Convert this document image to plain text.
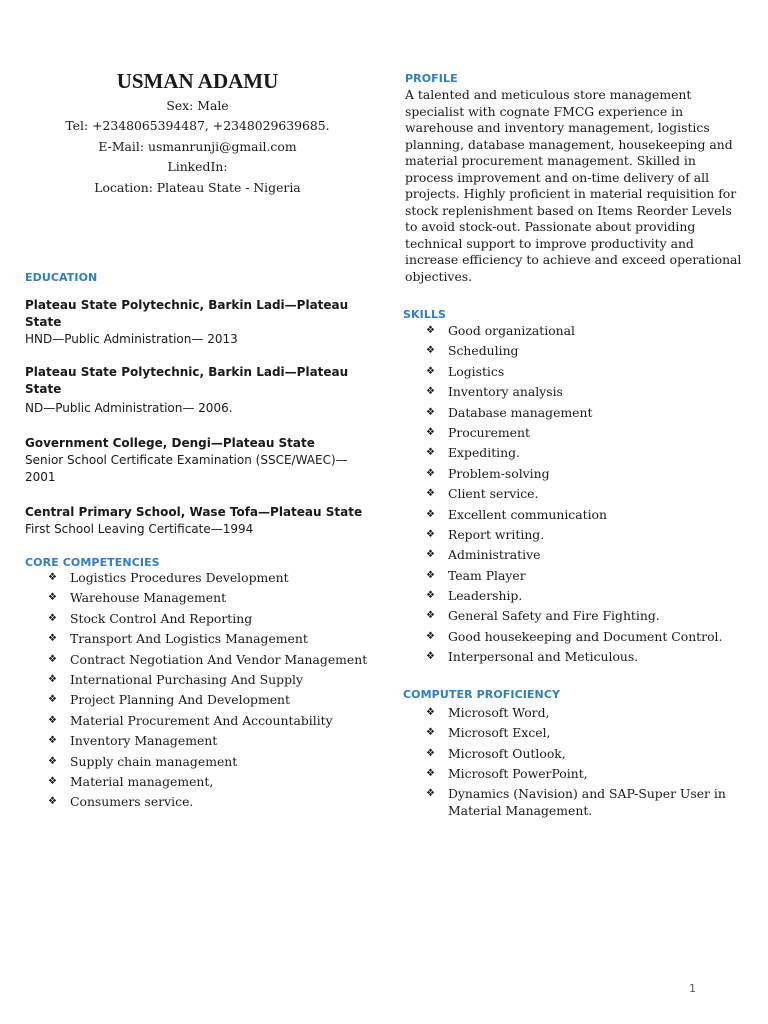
USMAN ADAMU
Sex: Male
Tel: +2348065394487, +2348029639685.
E-Mail: usmanrunji@gmail.com
LinkedIn:
Location: Plateau State - Nigeria
EDUCATION
Plateau State Polytechnic, Barkin Ladi—Plateau State
HND—Public Administration— 2013
Plateau State Polytechnic, Barkin Ladi—Plateau State
ND—Public Administration— 2006.
Government College, Dengi—Plateau State
Senior School Certificate Examination (SSCE/WAEC)—2001
Central Primary School, Wase Tofa—Plateau State
First School Leaving Certificate—1994
CORE COMPETENCIES
❖ Logistics Procedures Development
❖ Warehouse Management
❖ Stock Control And Reporting
❖ Transport And Logistics Management
❖ Contract Negotiation And Vendor Management
❖ International Purchasing And Supply
❖ Project Planning And Development
❖ Material Procurement And Accountability
❖ Inventory Management
❖ Supply chain management
❖ Material management,
❖ Consumers service.
PROFILE
A talented and meticulous store management specialist with cognate FMCG experience in warehouse and inventory management, logistics planning, database management, housekeeping and material procurement management. Skilled in process improvement and on-time delivery of all projects. Highly proficient in material requisition for stock replenishment based on Items Reorder Levels to avoid stock-out. Passionate about providing technical support to improve productivity and increase efficiency to achieve and exceed operational objectives.
SKILLS
❖ Good organizational
❖ Scheduling
❖ Logistics
❖ Inventory analysis
❖ Database management
❖ Procurement
❖ Expediting.
❖ Problem-solving
❖ Client service.
❖ Excellent communication
❖ Report writing.
❖ Administrative
❖ Team Player
❖ Leadership.
❖ General Safety and Fire Fighting.
❖ Good housekeeping and Document Control.
❖ Interpersonal and Meticulous.
COMPUTER PROFICIENCY
❖ Microsoft Word,
❖ Microsoft Excel,
❖ Microsoft Outlook,
❖ Microsoft PowerPoint,
❖ Dynamics (Navision) and SAP-Super User in Material Management.
1
